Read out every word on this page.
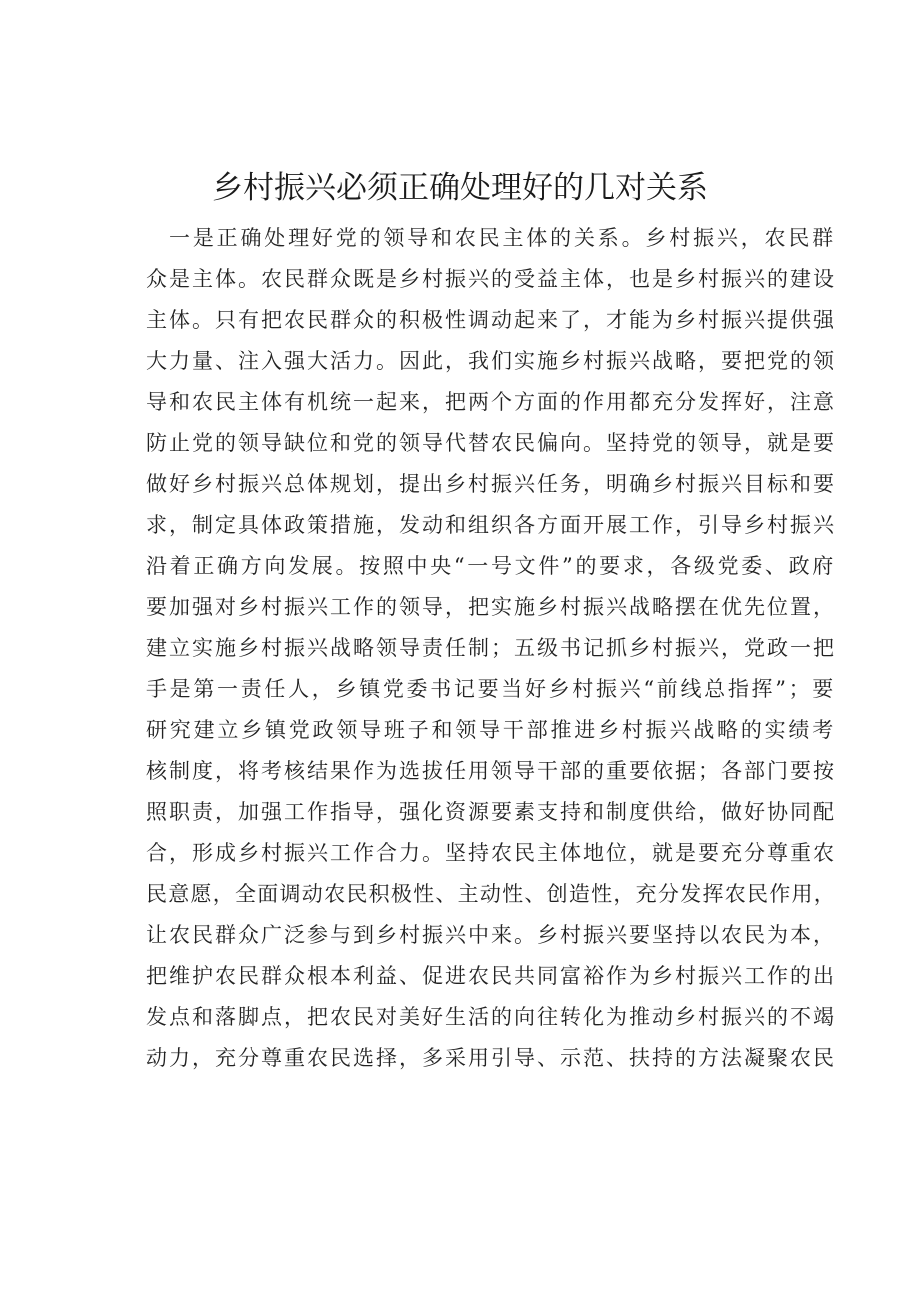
乡村振兴必须正确处理好的几对关系
一是正确处理好党的领导和农民主体的关系。乡村振兴，农民群
众是主体。农民群众既是乡村振兴的受益主体，也是乡村振兴的建设
主体。只有把农民群众的积极性调动起来了，才能为乡村振兴提供强
大力量、注入强大活力。因此，我们实施乡村振兴战略，要把党的领
导和农民主体有机统一起来，把两个方面的作用都充分发挥好，注意
防止党的领导缺位和党的领导代替农民偏向。坚持党的领导，就是要
做好乡村振兴总体规划，提出乡村振兴任务，明确乡村振兴目标和要
求，制定具体政策措施，发动和组织各方面开展工作，引导乡村振兴
沿着正确方向发展。按照中央“一号文件”的要求，各级党委、政府
要加强对乡村振兴工作的领导，把实施乡村振兴战略摆在优先位置，
建立实施乡村振兴战略领导责任制；五级书记抓乡村振兴，党政一把
手是第一责任人，乡镇党委书记要当好乡村振兴“前线总指挥”；要
研究建立乡镇党政领导班子和领导干部推进乡村振兴战略的实绩考
核制度，将考核结果作为选拔任用领导干部的重要依据；各部门要按
照职责，加强工作指导，强化资源要素支持和制度供给，做好协同配
合，形成乡村振兴工作合力。坚持农民主体地位，就是要充分尊重农
民意愿，全面调动农民积极性、主动性、创造性，充分发挥农民作用，
让农民群众广泛参与到乡村振兴中来。乡村振兴要坚持以农民为本，
把维护农民群众根本利益、促进农民共同富裕作为乡村振兴工作的出
发点和落脚点，把农民对美好生活的向往转化为推动乡村振兴的不竭
动力，充分尊重农民选择，多采用引导、示范、扶持的方法凝聚农民
